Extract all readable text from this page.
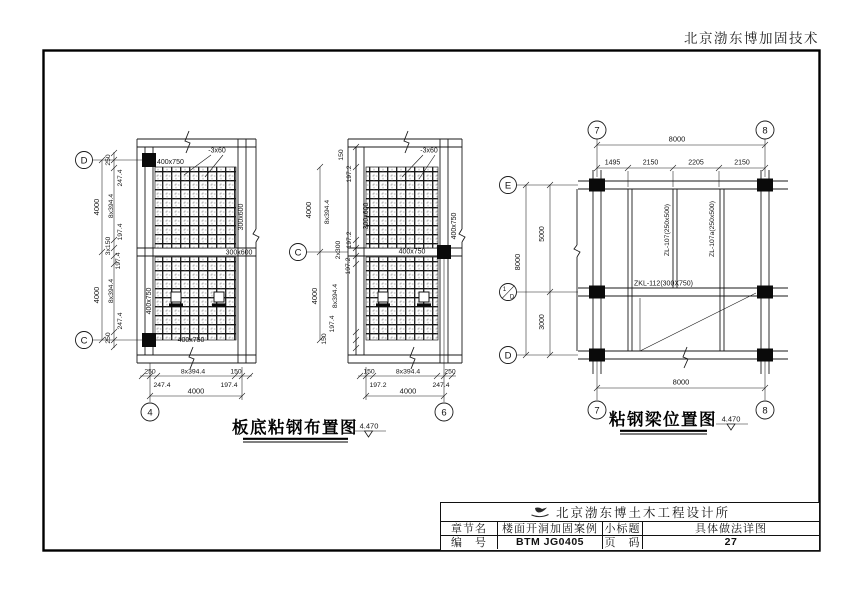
北京渤东博加固技术
400x750
-3x60
300x600
300x600
400x750
400x750
250
247.4
8x394.4
197.4
3x150
197.4
8x394.4
247.4
250
4000
4000
250	8x394.4	150
247.4	197.4
4000
D
C
4
-3x60
300x600	400x750
400x750
150
197.2
8x394.4
197.2
2x300
197.2
8x394.4
197.4
150
4000
4000
150	8x394.4	250
197.2	247.4
4000
C
6
板底粘钢布置图 4.470
8000
1495	2150	2205	2150
8000
5000
3000
8000
ZL-107(250x500)	ZL-107a(250x500)
ZKL-112(300X750)
7	8
7	8
E
1
D
D
粘钢梁位置图 4.470
北京渤东博土木工程设计所
章节名	楼面开洞加固案例 小标题	具体做法详图
编　号	BTM JG0405	页　码	27
